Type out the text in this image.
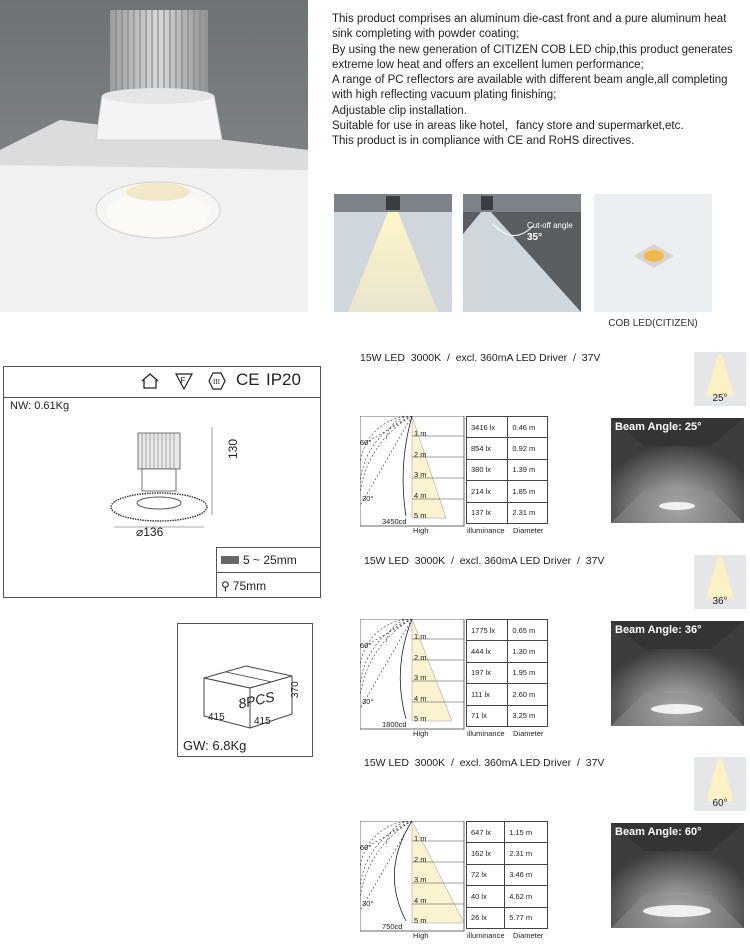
This product comprises an aluminum die-cast front and a pure aluminum heat sink completing with powder coating;

By using the new generation of CITIZEN COB LED chip,this product generates extreme low heat and offers an excellent lumen performance;

A range of PC reflectors are available with different beam angle,all completing with high reflecting vacuum plating finishing;

Adjustable clip installation.

Suitable for use in areas like hotel，fancy store and supermarket,etc.

This product is in compliance with CE and RoHS directives.

Cut-off angle
35°
COB LED(CITIZEN)
F	III CE IP20
NW: 0.61Kg
130
⌀136
5 ~ 25mm
⚲ 75mm
8PCS
415	415
370
GW: 6.8Kg
15W LED  3000K  /  excl. 360mA LED Driver  /  37V
25°
Beam Angle: 25°
60°
30°
3450cd
High	illuminance Diameter
1 m
2 m
3 m
4 m
5 m
3416 lx	0.46 m
854 lx	0.92 m
380 lx	1.39 m
214 lx	1.85 m
137 lx	2.31 m
15W LED  3000K  /  excl. 360mA LED Driver  /  37V
36°
Beam Angle: 36°
60°
30°
1800cd
High	illuminance Diameter
1 m
2 m
3 m
4 m
5 m
1775 lx	0.65 m
444 lx	1.30 m
197 lx	1.95 m
111 lx	2.60 m
71 lx	3.25 m
15W LED  3000K  /  excl. 360mA LED Driver  /  37V
60°
Beam Angle: 60°
60°
30°
750cd
High	illuminance Diameter
1 m
2 m
3 m
4 m
5 m
647 lx	1.15 m
162 lx	2.31 m
72 lx	3.46 m
40 lx	4.62 m
26 lx	5.77 m
